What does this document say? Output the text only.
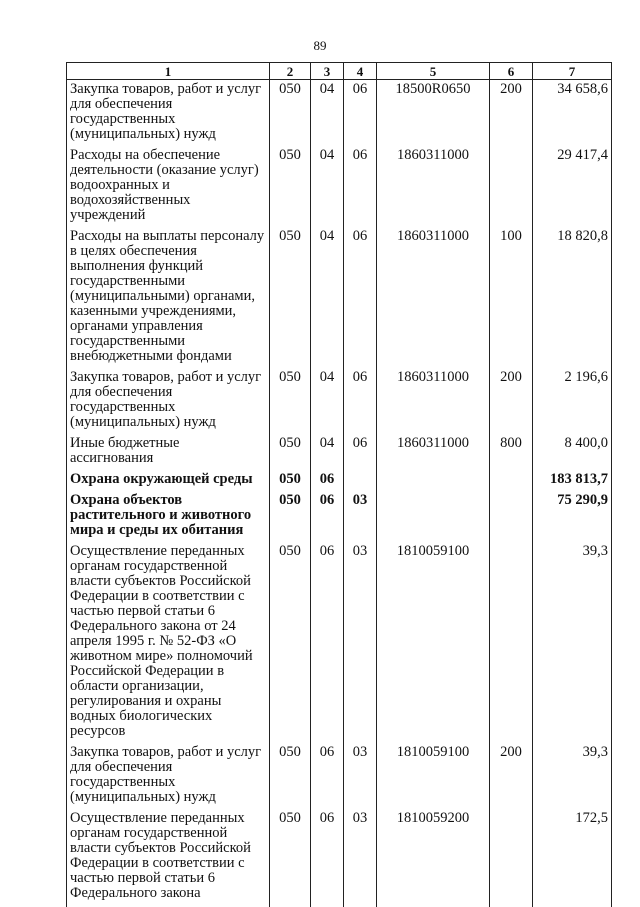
89
1	2	3	4	5	6	7
Закупка товаров, работ и услуг для обеспечения государственных (муниципальных) нужд	050	04	06	18500R0650	200	34 658,6
Расходы на обеспечение деятельности (оказание услуг) водоохранных и водохозяйственных учреждений	050	04	06	1860311000		29 417,4
Расходы на выплаты персоналу в целях обеспечения выполнения функций государственными (муниципальными) органами, казенными учреждениями, органами управления государственными внебюджетными фондами	050	04	06	1860311000	100	18 820,8
Закупка товаров, работ и услуг для обеспечения государственных (муниципальных) нужд	050	04	06	1860311000	200	2 196,6
Иные бюджетные ассигнования	050	04	06	1860311000	800	8 400,0
Охрана окружающей среды	050	06				183 813,7
Охрана объектов растительного и животного мира и среды их обитания	050	06	03			75 290,9
Осуществление переданных органам государственной власти субъектов Российской Федерации в соответствии с частью первой статьи 6 Федерального закона от 24 апреля 1995 г. № 52-ФЗ «О животном мире» полномочий Российской Федерации в области организации, регулирования и охраны водных биологических ресурсов	050	06	03	1810059100		39,3
Закупка товаров, работ и услуг для обеспечения государственных (муниципальных) нужд	050	06	03	1810059100	200	39,3
Осуществление переданных органам государственной власти субъектов Российской Федерации в соответствии с частью первой статьи 6 Федерального закона	050	06	03	1810059200		172,5
